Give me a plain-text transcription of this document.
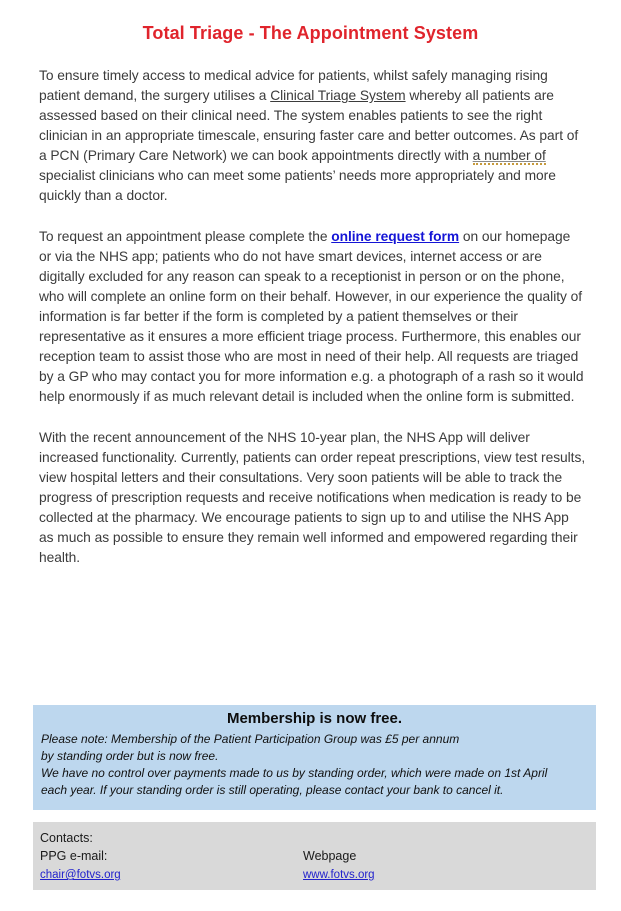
Total Triage - The Appointment System

To ensure timely access to medical advice for patients, whilst safely managing rising patient demand, the surgery utilises a Clinical Triage System whereby all patients are assessed based on their clinical need. The system enables patients to see the right clinician in an appropriate timescale, ensuring faster care and better outcomes. As part of a PCN (Primary Care Network) we can book appointments directly with a number of specialist clinicians who can meet some patients’ needs more appropriately and more quickly than a doctor.

To request an appointment please complete the online request form on our homepage or via the NHS app; patients who do not have smart devices, internet access or are digitally excluded for any reason can speak to a receptionist in person or on the phone, who will complete an online form on their behalf. However, in our experience the quality of information is far better if the form is completed by a patient themselves or their representative as it ensures a more efficient triage process. Furthermore, this enables our reception team to assist those who are most in need of their help. All requests are triaged by a GP who may contact you for more information e.g. a photograph of a rash so it would help enormously if as much relevant detail is included when the online form is submitted.

With the recent announcement of the NHS 10-year plan, the NHS App will deliver increased functionality. Currently, patients can order repeat prescriptions, view test results, view hospital letters and their consultations. Very soon patients will be able to track the progress of prescription requests and receive notifications when medication is ready to be collected at the pharmacy. We encourage patients to sign up to and utilise the NHS App as much as possible to ensure they remain well informed and empowered regarding their health.

Membership is now free.
Please note: Membership of the Patient Participation Group was £5 per annum
by standing order but is now free.
We have no control over payments made to us by standing order, which were made on 1st April
each year. If your standing order is still operating, please contact your bank to cancel it.
Contacts:
PPG e-mail:
chair@fotvs.org
Webpage
www.fotvs.org
